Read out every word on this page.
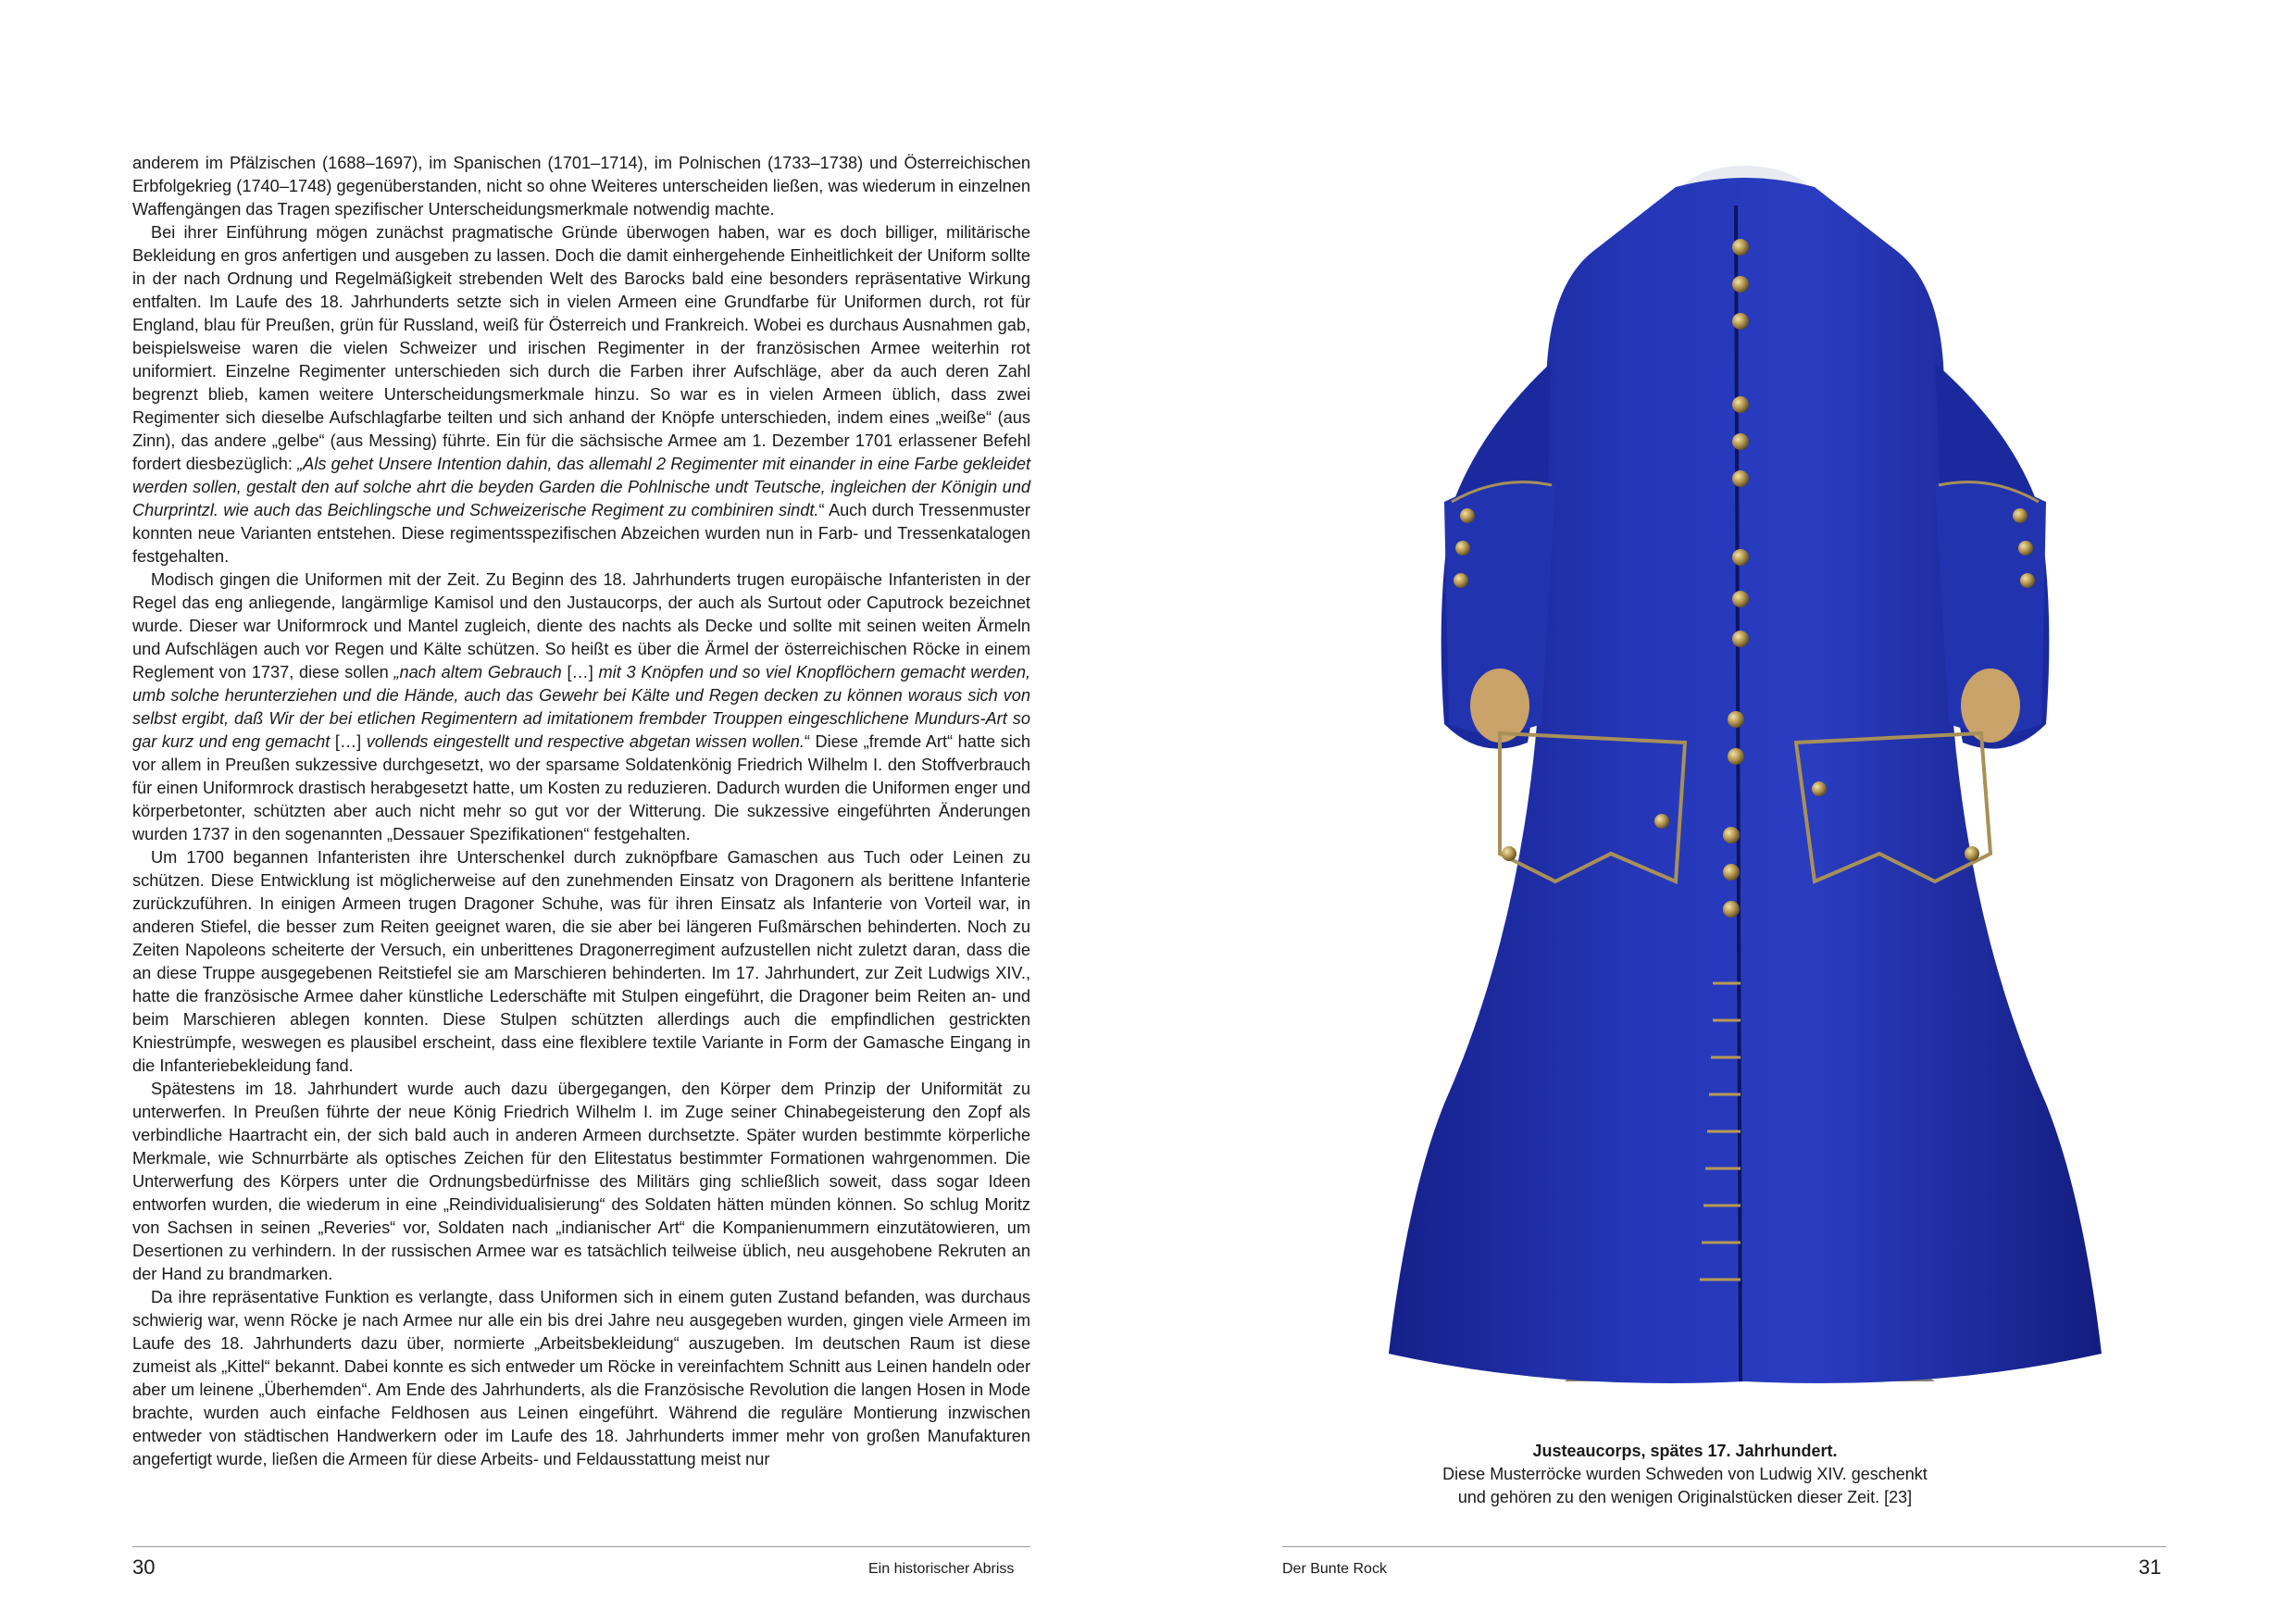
anderem im Pfälzischen (1688–1697), im Spanischen (1701–1714), im Polnischen (1733–1738) und Österreichischen Erbfolgekrieg (1740–1748) gegenüberstanden, nicht so ohne Weiteres unterscheiden ließen, was wiederum in einzelnen Waffengängen das Tragen spezifischer Unterscheidungsmerkmale notwendig machte.

Bei ihrer Einführung mögen zunächst pragmatische Gründe überwogen haben, war es doch billiger, militärische Bekleidung en gros anfertigen und ausgeben zu lassen. Doch die damit einhergehende Einheitlichkeit der Uniform sollte in der nach Ordnung und Regelmäßigkeit strebenden Welt des Barocks bald eine besonders repräsentative Wirkung entfalten. Im Laufe des 18. Jahrhunderts setzte sich in vielen Armeen eine Grundfarbe für Uniformen durch, rot für England, blau für Preußen, grün für Russland, weiß für Österreich und Frankreich. Wobei es durchaus Ausnahmen gab, beispielsweise waren die vielen Schweizer und irischen Regimenter in der französischen Armee weiterhin rot uniformiert. Einzelne Regimenter unterschieden sich durch die Farben ihrer Aufschläge, aber da auch deren Zahl begrenzt blieb, kamen weitere Unterscheidungsmerkmale hinzu. So war es in vielen Armeen üblich, dass zwei Regimenter sich dieselbe Aufschlagfarbe teilten und sich anhand der Knöpfe unterschieden, indem eines „weiße“ (aus Zinn), das andere „gelbe“ (aus Messing) führte. Ein für die sächsische Armee am 1. Dezember 1701 erlassener Befehl fordert diesbezüglich: „Als gehet Unsere Intention dahin, das allemahl 2 Regimenter mit einander in eine Farbe gekleidet werden sollen, gestalt den auf solche ahrt die beyden Garden die Pohlnische undt Teutsche, ingleichen der Königin und Churprintzl. wie auch das Beichlingsche und Schweizerische Regiment zu combiniren sindt.“ Auch durch Tressenmuster konnten neue Varianten entstehen. Diese regimentsspezifischen Abzeichen wurden nun in Farb- und Tressenkatalogen festgehalten.

Modisch gingen die Uniformen mit der Zeit. Zu Beginn des 18. Jahrhunderts trugen europäische Infanteristen in der Regel das eng anliegende, langärmlige Kamisol und den Justaucorps, der auch als Surtout oder Caputrock bezeichnet wurde. Dieser war Uniformrock und Mantel zugleich, diente des nachts als Decke und sollte mit seinen weiten Ärmeln und Aufschlägen auch vor Regen und Kälte schützen. So heißt es über die Ärmel der österreichischen Röcke in einem Reglement von 1737, diese sollen „nach altem Gebrauch […] mit 3 Knöpfen und so viel Knopflöchern gemacht werden, umb solche herunterziehen und die Hände, auch das Gewehr bei Kälte und Regen decken zu können woraus sich von selbst ergibt, daß Wir der bei etlichen Regimentern ad imitationem frembder Trouppen eingeschlichene Mundurs-Art so gar kurz und eng gemacht […] vollends eingestellt und respective abgetan wissen wollen.“ Diese „fremde Art“ hatte sich vor allem in Preußen sukzessive durchgesetzt, wo der sparsame Soldatenkönig Friedrich Wilhelm I. den Stoffverbrauch für einen Uniformrock drastisch herabgesetzt hatte, um Kosten zu reduzieren. Dadurch wurden die Uniformen enger und körperbetonter, schützten aber auch nicht mehr so gut vor der Witterung. Die sukzessive eingeführten Änderungen wurden 1737 in den sogenannten „Dessauer Spezifikationen“ festgehalten.

Um 1700 begannen Infanteristen ihre Unterschenkel durch zuknöpfbare Gamaschen aus Tuch oder Leinen zu schützen. Diese Entwicklung ist möglicherweise auf den zunehmenden Einsatz von Dragonern als berittene Infanterie zurückzuführen. In einigen Armeen trugen Dragoner Schuhe, was für ihren Einsatz als Infanterie von Vorteil war, in anderen Stiefel, die besser zum Reiten geeignet waren, die sie aber bei längeren Fußmärschen behinderten. Noch zu Zeiten Napoleons scheiterte der Versuch, ein unberittenes Dragonerregiment aufzustellen nicht zuletzt daran, dass die an diese Truppe ausgegebenen Reitstiefel sie am Marschieren behinderten. Im 17. Jahrhundert, zur Zeit Ludwigs XIV., hatte die französische Armee daher künstliche Lederschäfte mit Stulpen eingeführt, die Dragoner beim Reiten an- und beim Marschieren ablegen konnten. Diese Stulpen schützten allerdings auch die empfindlichen gestrickten Kniestrümpfe, weswegen es plausibel erscheint, dass eine flexiblere textile Variante in Form der Gamasche Eingang in die Infanteriebekleidung fand.

Spätestens im 18. Jahrhundert wurde auch dazu übergegangen, den Körper dem Prinzip der Uniformität zu unterwerfen. In Preußen führte der neue König Friedrich Wilhelm I. im Zuge seiner Chinabegeisterung den Zopf als verbindliche Haartracht ein, der sich bald auch in anderen Armeen durchsetzte. Später wurden bestimmte körperliche Merkmale, wie Schnurrbärte als optisches Zeichen für den Elitestatus bestimmter Formationen wahrgenommen. Die Unterwerfung des Körpers unter die Ordnungsbedürfnisse des Militärs ging schließlich soweit, dass sogar Ideen entworfen wurden, die wiederum in eine „Reindividualisierung“ des Soldaten hätten münden können. So schlug Moritz von Sachsen in seinen „Reveries“ vor, Soldaten nach „indianischer Art“ die Kompanienummern einzutätowieren, um Desertionen zu verhindern. In der russischen Armee war es tatsächlich teilweise üblich, neu ausgehobene Rekruten an der Hand zu brandmarken.

Da ihre repräsentative Funktion es verlangte, dass Uniformen sich in einem guten Zustand befanden, was durchaus schwierig war, wenn Röcke je nach Armee nur alle ein bis drei Jahre neu ausgegeben wurden, gingen viele Armeen im Laufe des 18. Jahrhunderts dazu über, normierte „Arbeitsbekleidung“ auszugeben. Im deutschen Raum ist diese zumeist als „Kittel“ bekannt. Dabei konnte es sich entweder um Röcke in vereinfachtem Schnitt aus Leinen handeln oder aber um leinene „Überhemden“. Am Ende des Jahrhunderts, als die Französische Revolution die langen Hosen in Mode brachte, wurden auch einfache Feldhosen aus Leinen eingeführt. Während die reguläre Montierung inzwischen entweder von städtischen Handwerkern oder im Laufe des 18. Jahrhunderts immer mehr von großen Manufakturen angefertigt wurde, ließen die Armeen für diese Arbeits- und Feldausstattung meist nur

30	Ein historischer Abriss
Justeaucorps, spätes 17. Jahrhundert.
Diese Musterröcke wurden Schweden von Ludwig XIV. geschenkt
und gehören zu den wenigen Originalstücken dieser Zeit. [23]
Der Bunte Rock	31
